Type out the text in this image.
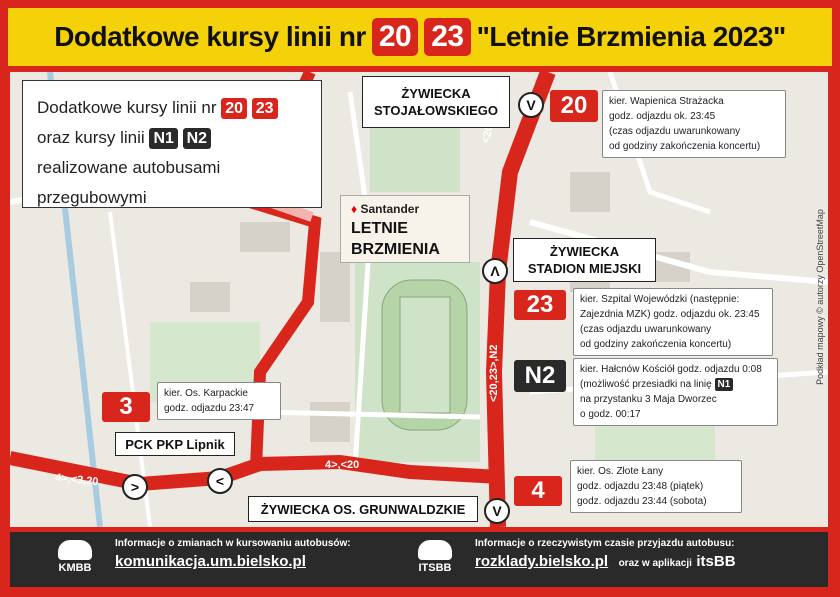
Dodatkowe kursy linii nr 20 23 "Letnie Brzmienia 2023"
4>,<3,20
4>,<20
<20,23>,N2
Dodatkowe kursy linii nr 20 23
oraz kursy linii N1 N2
realizowane autobusami
przegubowymi
♦ Santander
LETNIE
BRZMIENIA
ŻYWIECKA
STOJAŁOWSKIEGO	V
ŻYWIECKA
STADION MIEJSKI
Λ
PCK PKP Lipnik
>	<
ŻYWIECKA OS. GRUNWALDZKIE	V
20	kier. Wapienica Strażacka
godz. odjazdu ok. 23:45
(czas odjazdu uwarunkowany
od godziny zakończenia koncertu)
23	kier. Szpital Wojewódzki (następnie:
Zajezdnia MZK) godz. odjazdu ok. 23:45
(czas odjazdu uwarunkowany
od godziny zakończenia koncertu)
N2	kier. Hałcnów Kościół godz. odjazdu 0:08
(możliwość przesiadki na linię N1
na przystanku 3 Maja Dworzec
o godz. 00:17
3	kier. Os. Karpackie
godz. odjazdu 23:47
4
kier. Os. Złote Łany
godz. odjazdu 23:48 (piątek)
godz. odjazdu 23:44 (sobota)
Podkład mapowy © autorzy OpenStreetMap
KMBB
Informacje o zmianach w kursowaniu autobusów:
komunikacja.um.bielsko.pl	ITSBB
Informacje o rzeczywistym czasie przyjazdu autobusu:
rozklady.bielsko.pl oraz w aplikacji itsBB
